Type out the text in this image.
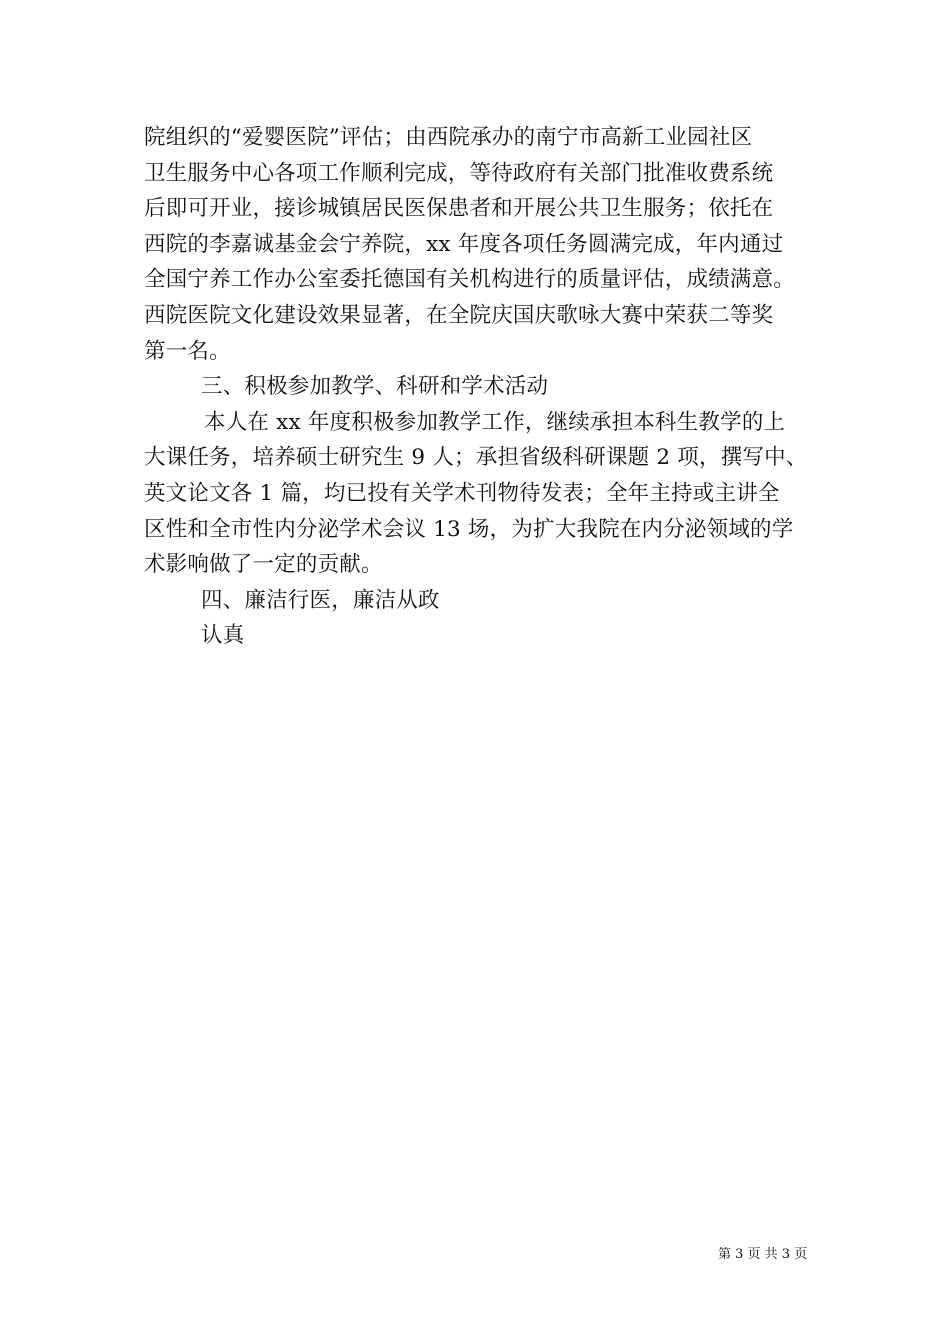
院组织的“爱婴医院”评估；由西院承办的南宁市高新工业园社区
卫生服务中心各项工作顺利完成，等待政府有关部门批准收费系统
后即可开业，接诊城镇居民医保患者和开展公共卫生服务；依托在
西院的李嘉诚基金会宁养院，xx 年度各项任务圆满完成，年内通过
全国宁养工作办公室委托德国有关机构进行的质量评估，成绩满意。
西院医院文化建设效果显著，在全院庆国庆歌咏大赛中荣获二等奖
第一名。
三、积极参加教学、科研和学术活动
本人在 xx 年度积极参加教学工作，继续承担本科生教学的上
大课任务，培养硕士研究生 9 人；承担省级科研课题 2 项，撰写中、
英文论文各 1 篇，均已投有关学术刊物待发表；全年主持或主讲全
区性和全市性内分泌学术会议 13 场，为扩大我院在内分泌领域的学
术影响做了一定的贡献。
四、廉洁行医，廉洁从政
认真
第 3 页 共 3 页
